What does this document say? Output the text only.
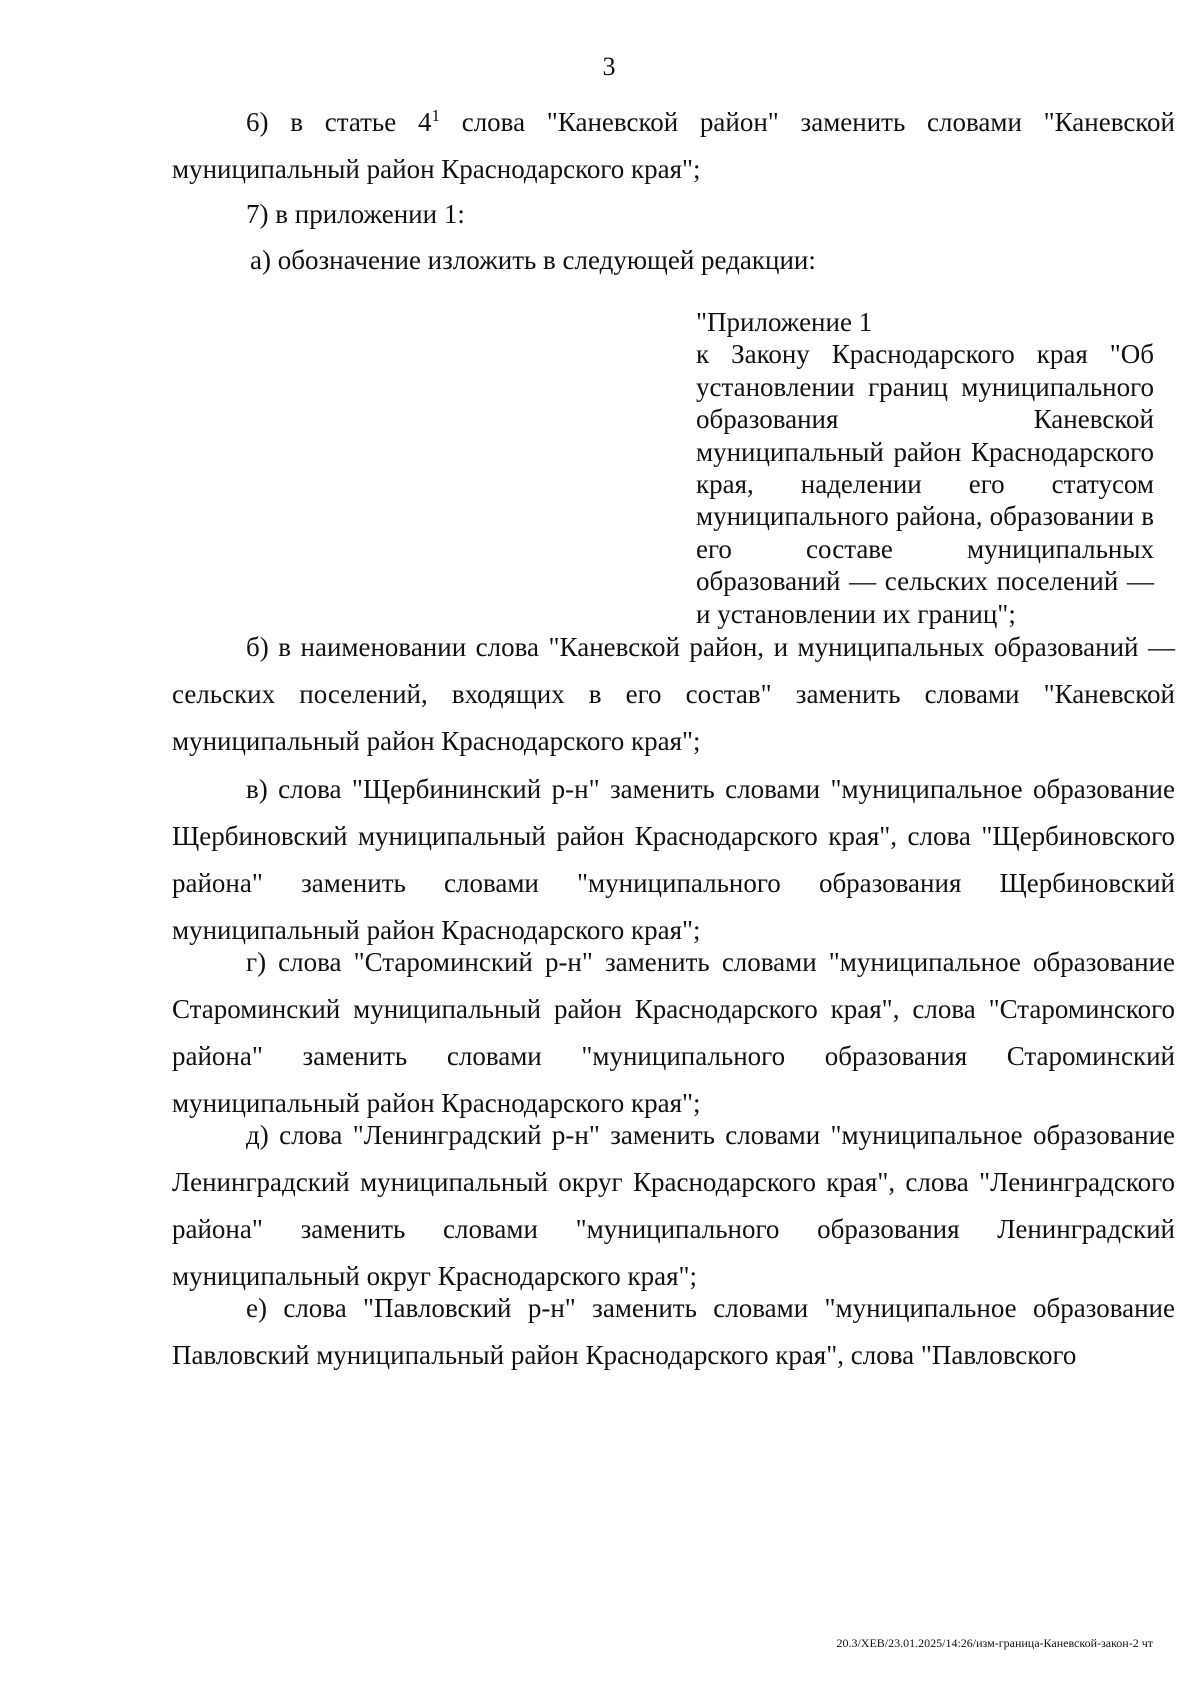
3

6) в статье $4^1$ слова "Каневской район" заменить словами "Каневской муниципальный район Краснодарского края";

7) в приложении 1:

а) обозначение изложить в следующей редакции:

"Приложение 1
к Закону Краснодарского края "Об установлении границ муниципального образования Каневской муниципальный район Краснодарского края, наделении его статусом муниципального района, образовании в его составе муниципальных образований — сельских поселений — и установлении их границ";

б) в наименовании слова "Каневской район, и муниципальных образований — сельских поселений, входящих в его состав" заменить словами "Каневской муниципальный район Краснодарского края";

в) слова "Щербининский р-н" заменить словами "муниципальное образование Щербиновский муниципальный район Краснодарского края", слова "Щербиновского района" заменить словами "муниципального образования Щербиновский муниципальный район Краснодарского края";

г) слова "Староминский р-н" заменить словами "муниципальное образование Староминский муниципальный район Краснодарского края", слова "Староминского района" заменить словами "муниципального образования Староминский муниципальный район Краснодарского края";

д) слова "Ленинградский р-н" заменить словами "муниципальное образование Ленинградский муниципальный округ Краснодарского края", слова "Ленинградского района" заменить словами "муниципального образования Ленинградский муниципальный округ Краснодарского края";

е) слова "Павловский р-н" заменить словами "муниципальное образование Павловский муниципальный район Краснодарского края", слова "Павловского

20.3/ХЕВ/23.01.2025/14:26/изм-граница-Каневской-закон-2 чт
